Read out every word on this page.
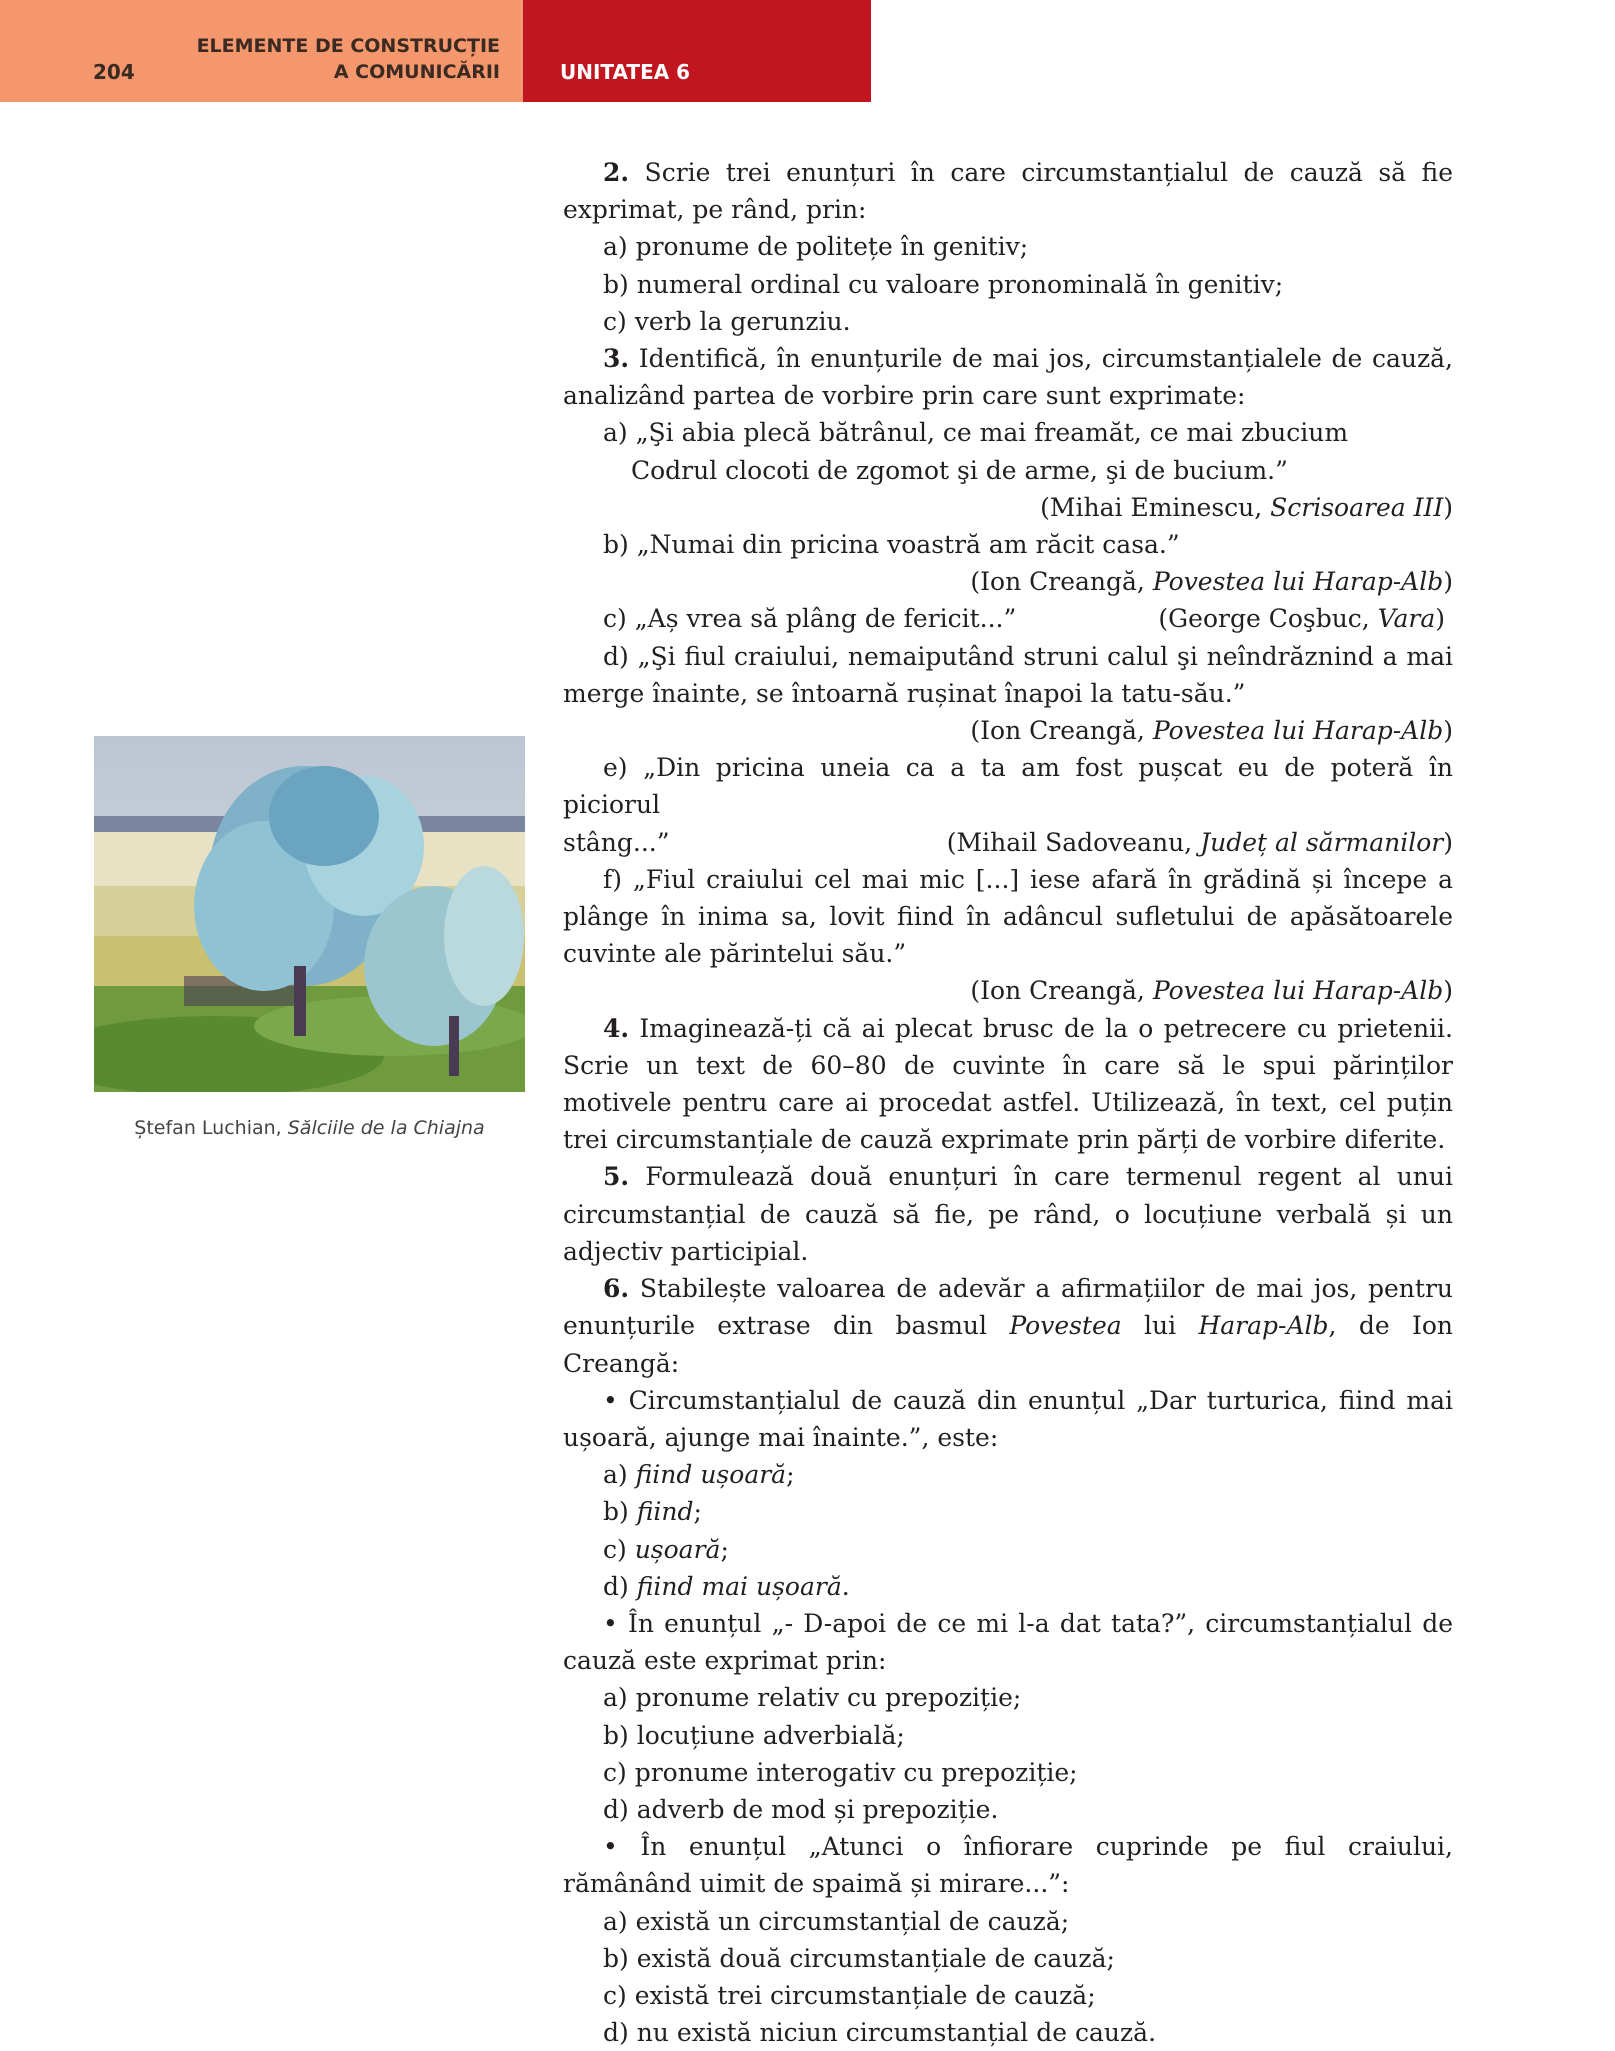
204
ELEMENTE DE CONSTRUCȚIE
A COMUNICĂRII	UNITATEA 6
Ștefan Luchian, Sălciile de la Chiajna

2. Scrie trei enunțuri în care circumstanțialul de cauză să fie exprimat, pe rând, prin:

a) pronume de politețe în genitiv;

b) numeral ordinal cu valoare pronominală în genitiv;

c) verb la gerunziu.

3. Identifică, în enunțurile de mai jos, circumstanțialele de cauză, analizând partea de vorbire prin care sunt exprimate:

a) „Şi abia plecă bătrânul, ce mai freamăt, ce mai zbucium

Codrul clocoti de zgomot şi de arme, şi de bucium.”

(Mihai Eminescu, Scrisoarea III)

b) „Numai din pricina voastră am răcit casa.”

(Ion Creangă, Povestea lui Harap-Alb)

c) „Aș vrea să plâng de fericit...”	(George Coşbuc, Vara)

d) „Şi fiul craiului, nemaiputând struni calul şi neîndrăznind a mai merge înainte, se întoarnă rușinat înapoi la tatu-său.”

(Ion Creangă, Povestea lui Harap-Alb)

e) „Din pricina uneia ca a ta am fost pușcat eu de poteră în piciorul

stâng...”	(Mihail Sadoveanu, Județ al sărmanilor)

f) „Fiul craiului cel mai mic [...] iese afară în grădină și începe a plânge în inima sa, lovit fiind în adâncul sufletului de apăsătoarele cuvinte ale părintelui său.”

(Ion Creangă, Povestea lui Harap-Alb)

4. Imaginează-ți că ai plecat brusc de la o petrecere cu prietenii. Scrie un text de 60–80 de cuvinte în care să le spui părinților motivele pentru care ai procedat astfel. Utilizează, în text, cel puțin trei circumstanțiale de cauză exprimate prin părți de vorbire diferite.

5. Formulează două enunțuri în care termenul regent al unui circumstanțial de cauză să fie, pe rând, o locuțiune verbală și un adjectiv participial.

6. Stabilește valoarea de adevăr a afirmațiilor de mai jos, pentru enunțurile extrase din basmul Povestea lui Harap-Alb, de Ion Creangă:

• Circumstanțialul de cauză din enunțul „Dar turturica, fiind mai ușoară, ajunge mai înainte.”, este:

a) fiind ușoară;

b) fiind;

c) ușoară;

d) fiind mai ușoară.

• În enunțul „- D-apoi de ce mi l-a dat tata?”, circumstanțialul de cauză este exprimat prin:

a) pronume relativ cu prepoziție;

b) locuțiune adverbială;

c) pronume interogativ cu prepoziție;

d) adverb de mod și prepoziție.

• În enunțul „Atunci o înfiorare cuprinde pe fiul craiului, rămânând uimit de spaimă și mirare...”:

a) există un circumstanțial de cauză;

b) există două circumstanțiale de cauză;

c) există trei circumstanțiale de cauză;

d) nu există niciun circumstanțial de cauză.
